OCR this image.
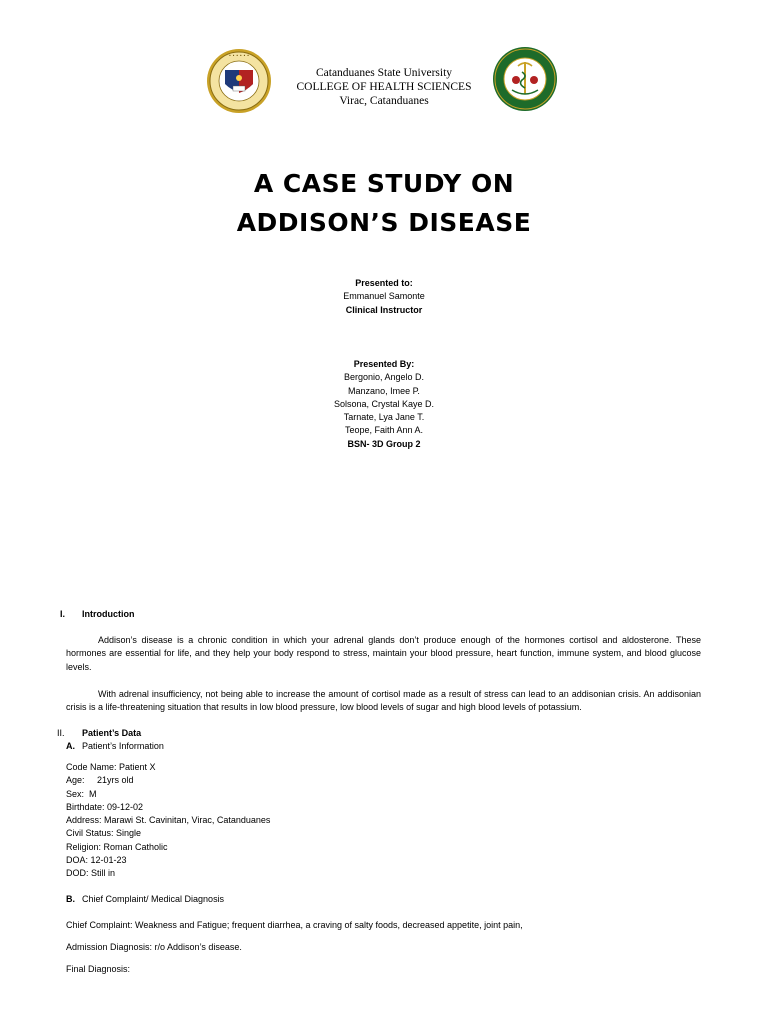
• • • • • •
Catanduanes State University
COLLEGE OF HEALTH SCIENCES
Virac, Catanduanes
A CASE STUDY ON
ADDISON’S DISEASE
Presented to:
Emmanuel Samonte
Clinical Instructor
Presented By:
Bergonio, Angelo D.
Manzano, Imee P.
Solsona, Crystal Kaye D.
Tarnate, Lya Jane T.
Teope, Faith Ann A.
BSN- 3D Group 2
I. Introduction

Addison’s disease is a chronic condition in which your adrenal glands don’t produce enough of the hormones cortisol and aldosterone. These hormones are essential for life, and they help your body respond to stress, maintain your blood pressure, heart function, immune system, and blood glucose levels.

With adrenal insufficiency, not being able to increase the amount of cortisol made as a result of stress can lead to an addisonian crisis. An addisonian crisis is a life-threatening situation that results in low blood pressure, low blood levels of sugar and high blood levels of potassium.

II. Patient’s Data
A. Patient’s Information
Code Name: Patient X
Age:     21yrs old
Sex:  M
Birthdate: 09-12-02
Address: Marawi St. Cavinitan, Virac, Catanduanes
Civil Status: Single
Religion: Roman Catholic
DOA: 12-01-23
DOD: Still in
B. Chief Complaint/ Medical Diagnosis
Chief Complaint: Weakness and Fatigue; frequent diarrhea, a craving of salty foods, decreased appetite, joint pain,
Admission Diagnosis: r/o Addison’s disease.
Final Diagnosis:
